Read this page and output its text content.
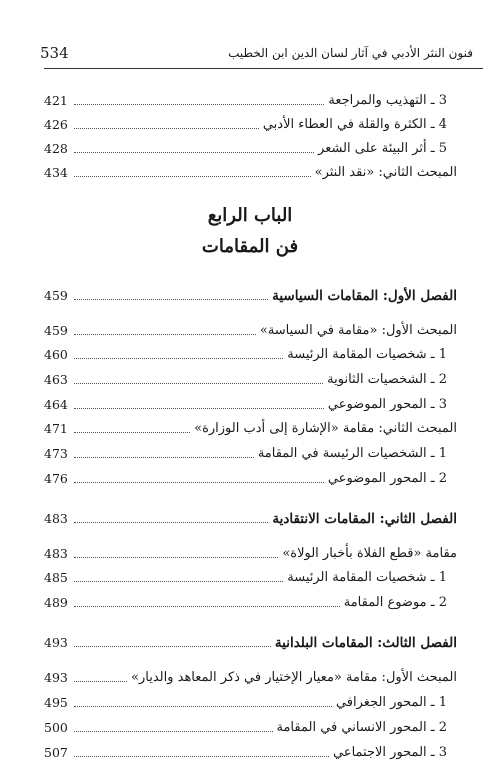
534	فنون النثر الأدبي في آثار لسان الدين ابن الخطيب
3 ـ التهذيب والمراجعة
421
4 ـ الكثرة والقلة في العطاء الأدبي
426
5 ـ أثر البيئة على الشعر
428
المبحث الثاني: «نقد النثر»
434
الباب الرابع
فن المقامات
الفصل الأول: المقامات السياسية
459
المبحث الأول: «مقامة في السياسة»
459
1 ـ شخصيات المقامة الرئيسة
460
2 ـ الشخصيات الثانوية
463
3 ـ المحور الموضوعي
464
المبحث الثاني: مقامة «الإشارة إلى أدب الوزارة»
471
1 ـ الشخصيات الرئيسة في المقامة
473
2 ـ المحور الموضوعي
476
الفصل الثاني: المقامات الانتقادية
483
مقامة «قطع الفلاة بأخبار الولاة»
483
1 ـ شخصيات المقامة الرئيسة
485
2 ـ موضوع المقامة
489
الفصل الثالث: المقامات البلدانية
493
المبحث الأول: مقامة «معيار الإختيار في ذكر المعاهد والديار»
493
1 ـ المحور الجغرافي
495
2 ـ المحور الانساني في المقامة
500
3 ـ المحور الاجتماعي
507
